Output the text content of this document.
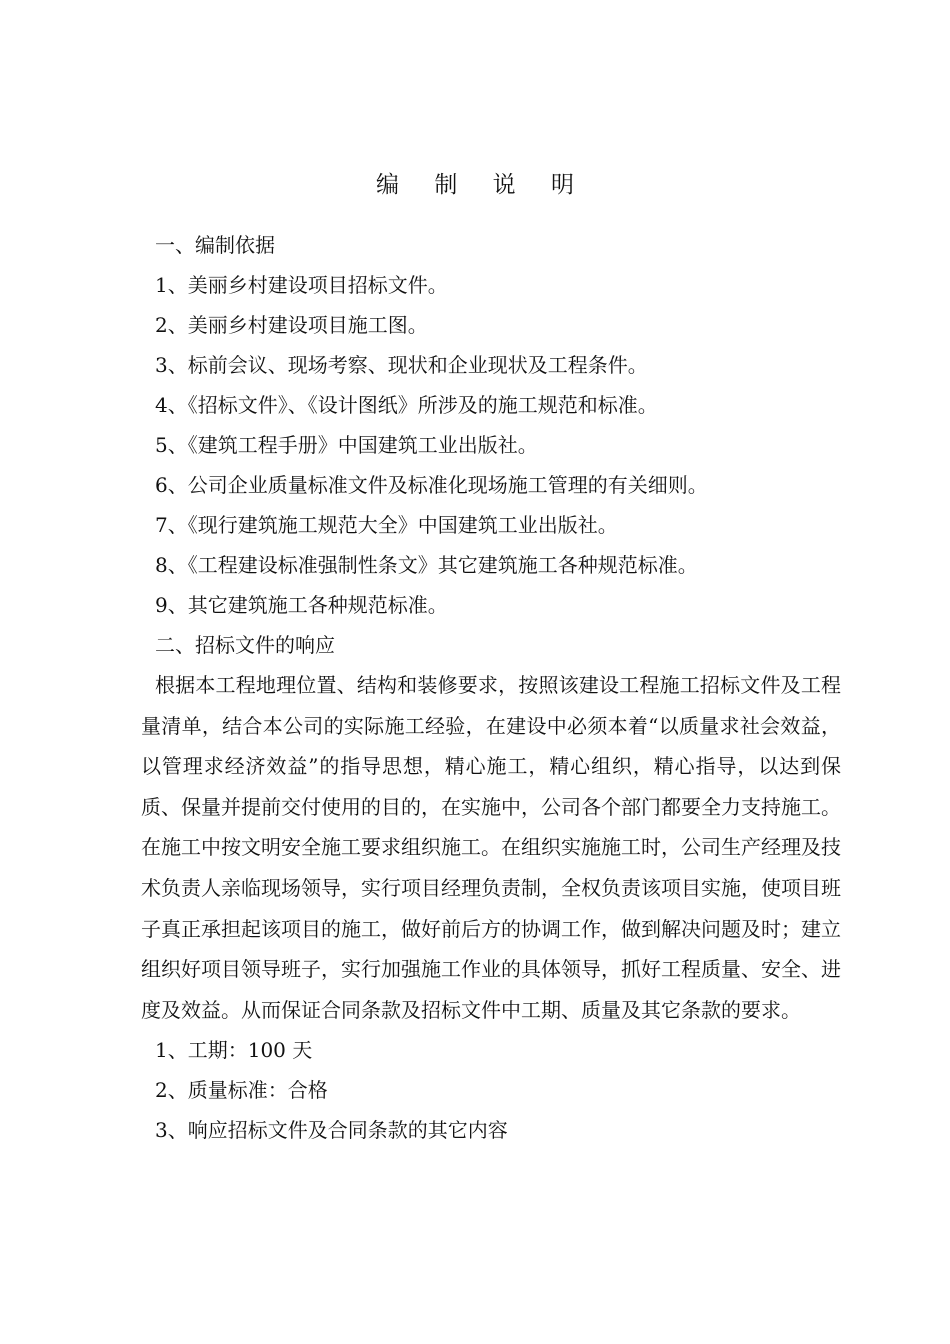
编 制 说 明

一、编制依据

1、美丽乡村建设项目招标文件。

2、美丽乡村建设项目施工图。

3、标前会议、现场考察、现状和企业现状及工程条件。

4、《招标文件》、《设计图纸》所涉及的施工规范和标准。

5、《建筑工程手册》中国建筑工业出版社。

6、公司企业质量标准文件及标准化现场施工管理的有关细则。

7、《现行建筑施工规范大全》中国建筑工业出版社。

8、《工程建设标准强制性条文》其它建筑施工各种规范标准。

9、其它建筑施工各种规范标准。

二、招标文件的响应

根据本工程地理位置、结构和装修要求，按照该建设工程施工招标文件及工程量清单，结合本公司的实际施工经验，在建设中必须本着“以质量求社会效益，以管理求经济效益”的指导思想，精心施工，精心组织，精心指导，以达到保质、保量并提前交付使用的目的，在实施中，公司各个部门都要全力支持施工。在施工中按文明安全施工要求组织施工。在组织实施施工时，公司生产经理及技术负责人亲临现场领导，实行项目经理负责制，全权负责该项目实施，使项目班子真正承担起该项目的施工，做好前后方的协调工作，做到解决问题及时；建立组织好项目领导班子，实行加强施工作业的具体领导，抓好工程质量、安全、进度及效益。从而保证合同条款及招标文件中工期、质量及其它条款的要求。

1、工期：100 天

2、质量标准：合格

3、响应招标文件及合同条款的其它内容
